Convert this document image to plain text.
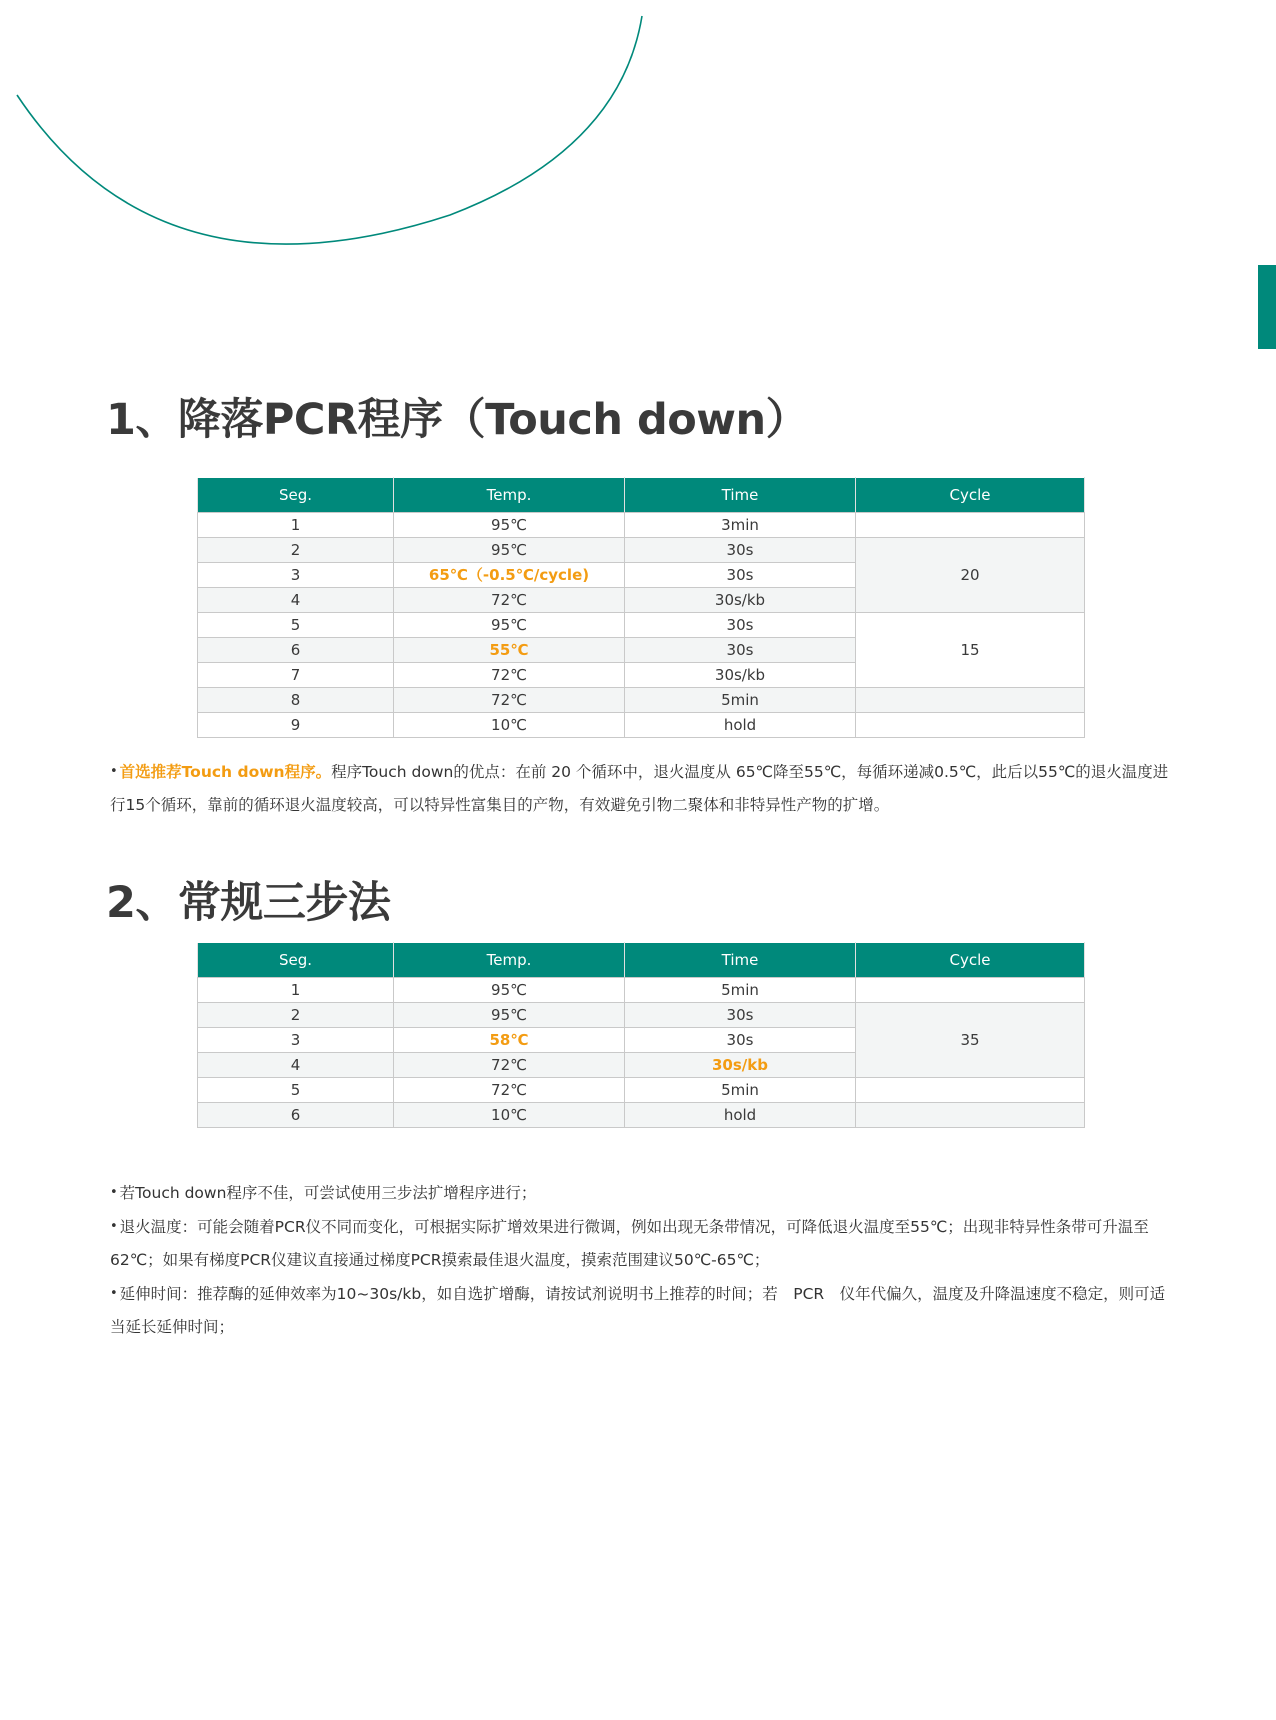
1、降落PCR程序（Touch down）
Seg.	Temp.	Time	Cycle
1	95℃	3min	
2	95℃	30s	20
3	65℃（-0.5℃/cycle)	30s	
4	72℃	30s/kb	
5	95℃	30s	15
6	55℃	30s	
7	72℃	30s/kb	
8	72℃	5min	
9	10℃	hold	

• 首选推荐Touch down程序。程序Touch down的优点：在前 20 个循环中，退火温度从 65℃降至55℃，每循环递减0.5℃，此后以55℃的退火温度进行15个循环，靠前的循环退火温度较高，可以特异性富集目的产物，有效避免引物二聚体和非特异性产物的扩增。

2、常规三步法
Seg.	Temp.	Time	Cycle
1	95℃	5min	
2	95℃	30s	35
3	58℃	30s	
4	72℃	30s/kb	
5	72℃	5min	
6	10℃	hold	

• 若Touch down程序不佳，可尝试使用三步法扩增程序进行；

• 退火温度：可能会随着PCR仪不同而变化，可根据实际扩增效果进行微调，例如出现无条带情况，可降低退火温度至55℃；出现非特异性条带可升温至62℃；如果有梯度PCR仪建议直接通过梯度PCR摸索最佳退火温度，摸索范围建议50℃-65℃；

• 延伸时间：推荐酶的延伸效率为10~30s/kb，如自选扩增酶，请按试剂说明书上推荐的时间；若　PCR　仪年代偏久，温度及升降温速度不稳定，则可适当延长延伸时间；
